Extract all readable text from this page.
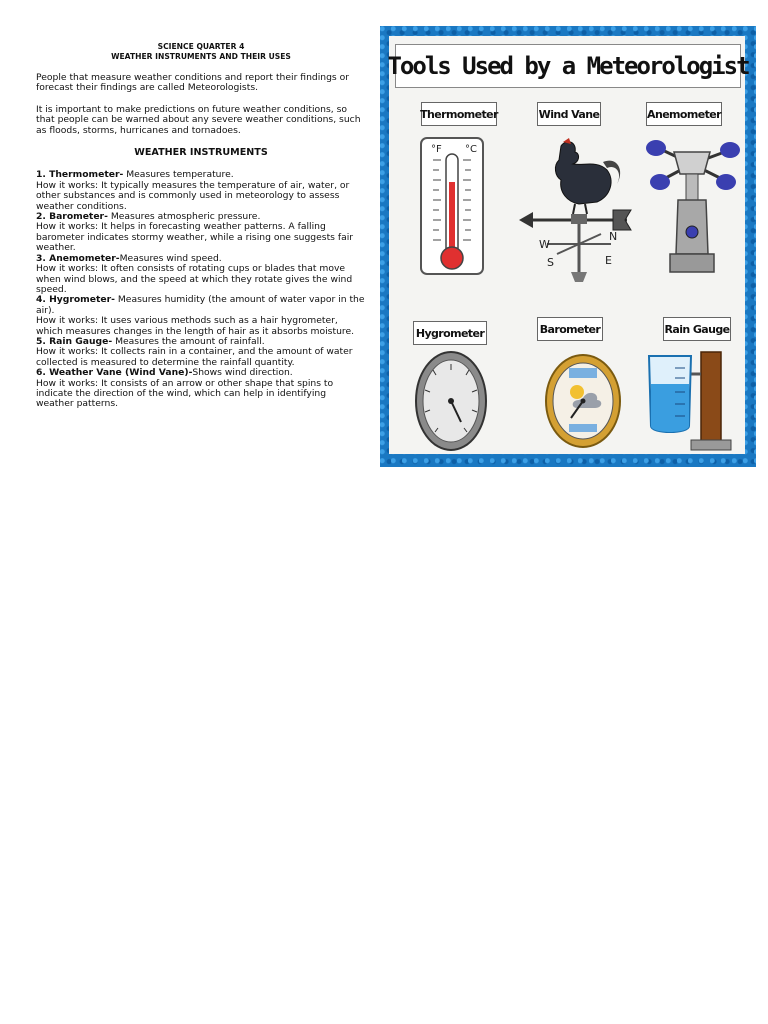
SCIENCE QUARTER 4
WEATHER INSTRUMENTS AND THEIR USES
People that measure weather conditions and report their findings or forecast their findings are called Meteorologists.
It is important to make predictions on future weather conditions, so that people can be warned about any severe weather conditions, such as floods, storms, hurricanes and tornadoes.
WEATHER INSTRUMENTS
1. Thermometer- Measures temperature.
How it works: It typically measures the temperature of air, water, or other substances and is commonly used in meteorology to assess weather conditions.
2. Barometer- Measures atmospheric pressure.
How it works: It helps in forecasting weather patterns. A falling barometer indicates stormy weather, while a rising one suggests fair weather.
3. Anemometer-Measures wind speed.
How it works: It often consists of rotating cups or blades that move when wind blows, and the speed at which they rotate gives the wind speed.
4. Hygrometer- Measures humidity (the amount of water vapor in the air).
How it works: It uses various methods such as a hair hygrometer, which measures changes in the length of hair as it absorbs moisture.
5. Rain Gauge- Measures the amount of rainfall.
How it works: It collects rain in a container, and the amount of water collected is measured to determine the rainfall quantity.
6. Weather Vane (Wind Vane)-Shows wind direction.
How it works: It consists of an arrow or other shape that spins to indicate the direction of the wind, which can help in identifying weather patterns.
Tools Used by a Meteorologist
Thermometer	Wind Vane	Anemometer
Hygrometer	Barometer	Rain Gauge
°F °C
W
N
S	E
